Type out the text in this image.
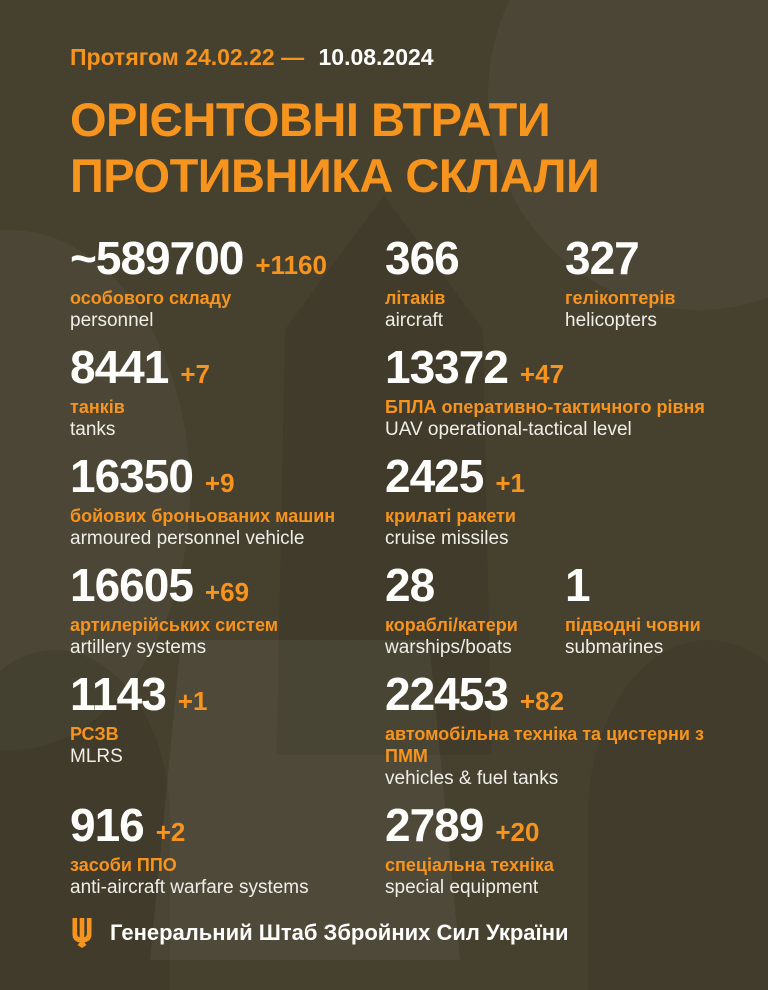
Протягом 24.02.22 — 10.08.2024
ОРІЄНТОВНІ ВТРАТИ
ПРОТИВНИКА СКЛАЛИ
~589700 +1160
особового складу
personnel
366
літаків
aircraft
327
гелікоптерів
helicopters
8441 +7
танків
tanks
13372 +47
БПЛА оперативно-тактичного рівня
UAV operational-tactical level
16350 +9
бойових броньованих машин
armoured personnel vehicle
2425 +1
крилаті ракети
cruise missiles
16605 +69
артилерійських систем
artillery systems
28
кораблі/катери
warships/boats
1
підводні човни
submarines
1143 +1
РСЗВ
MLRS
22453 +82
автомобільна техніка та цистерни з ПММ
vehicles & fuel tanks
916 +2
засоби ППО
anti-aircraft warfare systems
2789 +20
спеціальна техніка
special equipment
Генеральний Штаб Збройних Сил України
